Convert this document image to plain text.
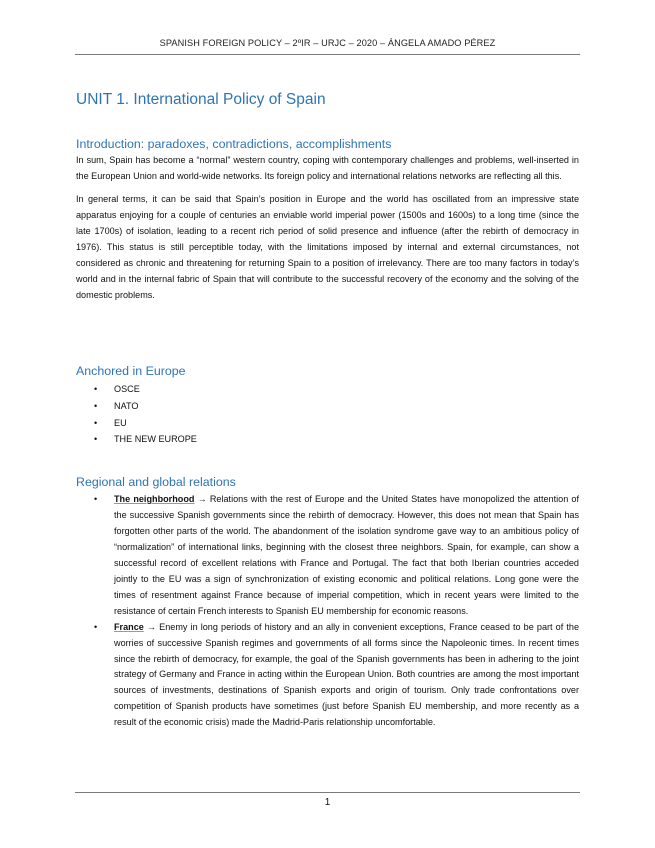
SPANISH FOREIGN POLICY – 2ºIR – URJC – 2020 – ÁNGELA AMADO PÉREZ
UNIT 1. International Policy of Spain
Introduction: paradoxes, contradictions, accomplishments

In sum, Spain has become a “normal” western country, coping with contemporary challenges and problems, well-inserted in the European Union and world-wide networks. Its foreign policy and international relations networks are reflecting all this.

In general terms, it can be said that Spain’s position in Europe and the world has oscillated from an impressive state apparatus enjoying for a couple of centuries an enviable world imperial power (1500s and 1600s) to a long time (since the late 1700s) of isolation, leading to a recent rich period of solid presence and influence (after the rebirth of democracy in 1976). This status is still perceptible today, with the limitations imposed by internal and external circumstances, not considered as chronic and threatening for returning Spain to a position of irrelevancy. There are too many factors in today’s world and in the internal fabric of Spain that will contribute to the successful recovery of the economy and the solving of the domestic problems.

Anchored in Europe
• OSCE
• NATO
• EU
• THE NEW EUROPE
Regional and global relations
• The neighborhood → Relations with the rest of Europe and the United States have monopolized the attention of the successive Spanish governments since the rebirth of democracy. However, this does not mean that Spain has forgotten other parts of the world. The abandonment of the isolation syndrome gave way to an ambitious policy of “normalization” of international links, beginning with the closest three neighbors. Spain, for example, can show a successful record of excellent relations with France and Portugal. The fact that both Iberian countries acceded jointly to the EU was a sign of synchronization of existing economic and political relations. Long gone were the times of resentment against France because of imperial competition, which in recent years were limited to the resistance of certain French interests to Spanish EU membership for economic reasons.
• France → Enemy in long periods of history and an ally in convenient exceptions, France ceased to be part of the worries of successive Spanish regimes and governments of all forms since the Napoleonic times. In recent times since the rebirth of democracy, for example, the goal of the Spanish governments has been in adhering to the joint strategy of Germany and France in acting within the European Union. Both countries are among the most important sources of investments, destinations of Spanish exports and origin of tourism. Only trade confrontations over competition of Spanish products have sometimes (just before Spanish EU membership, and more recently as a result of the economic crisis) made the Madrid-Paris relationship uncomfortable.
1
